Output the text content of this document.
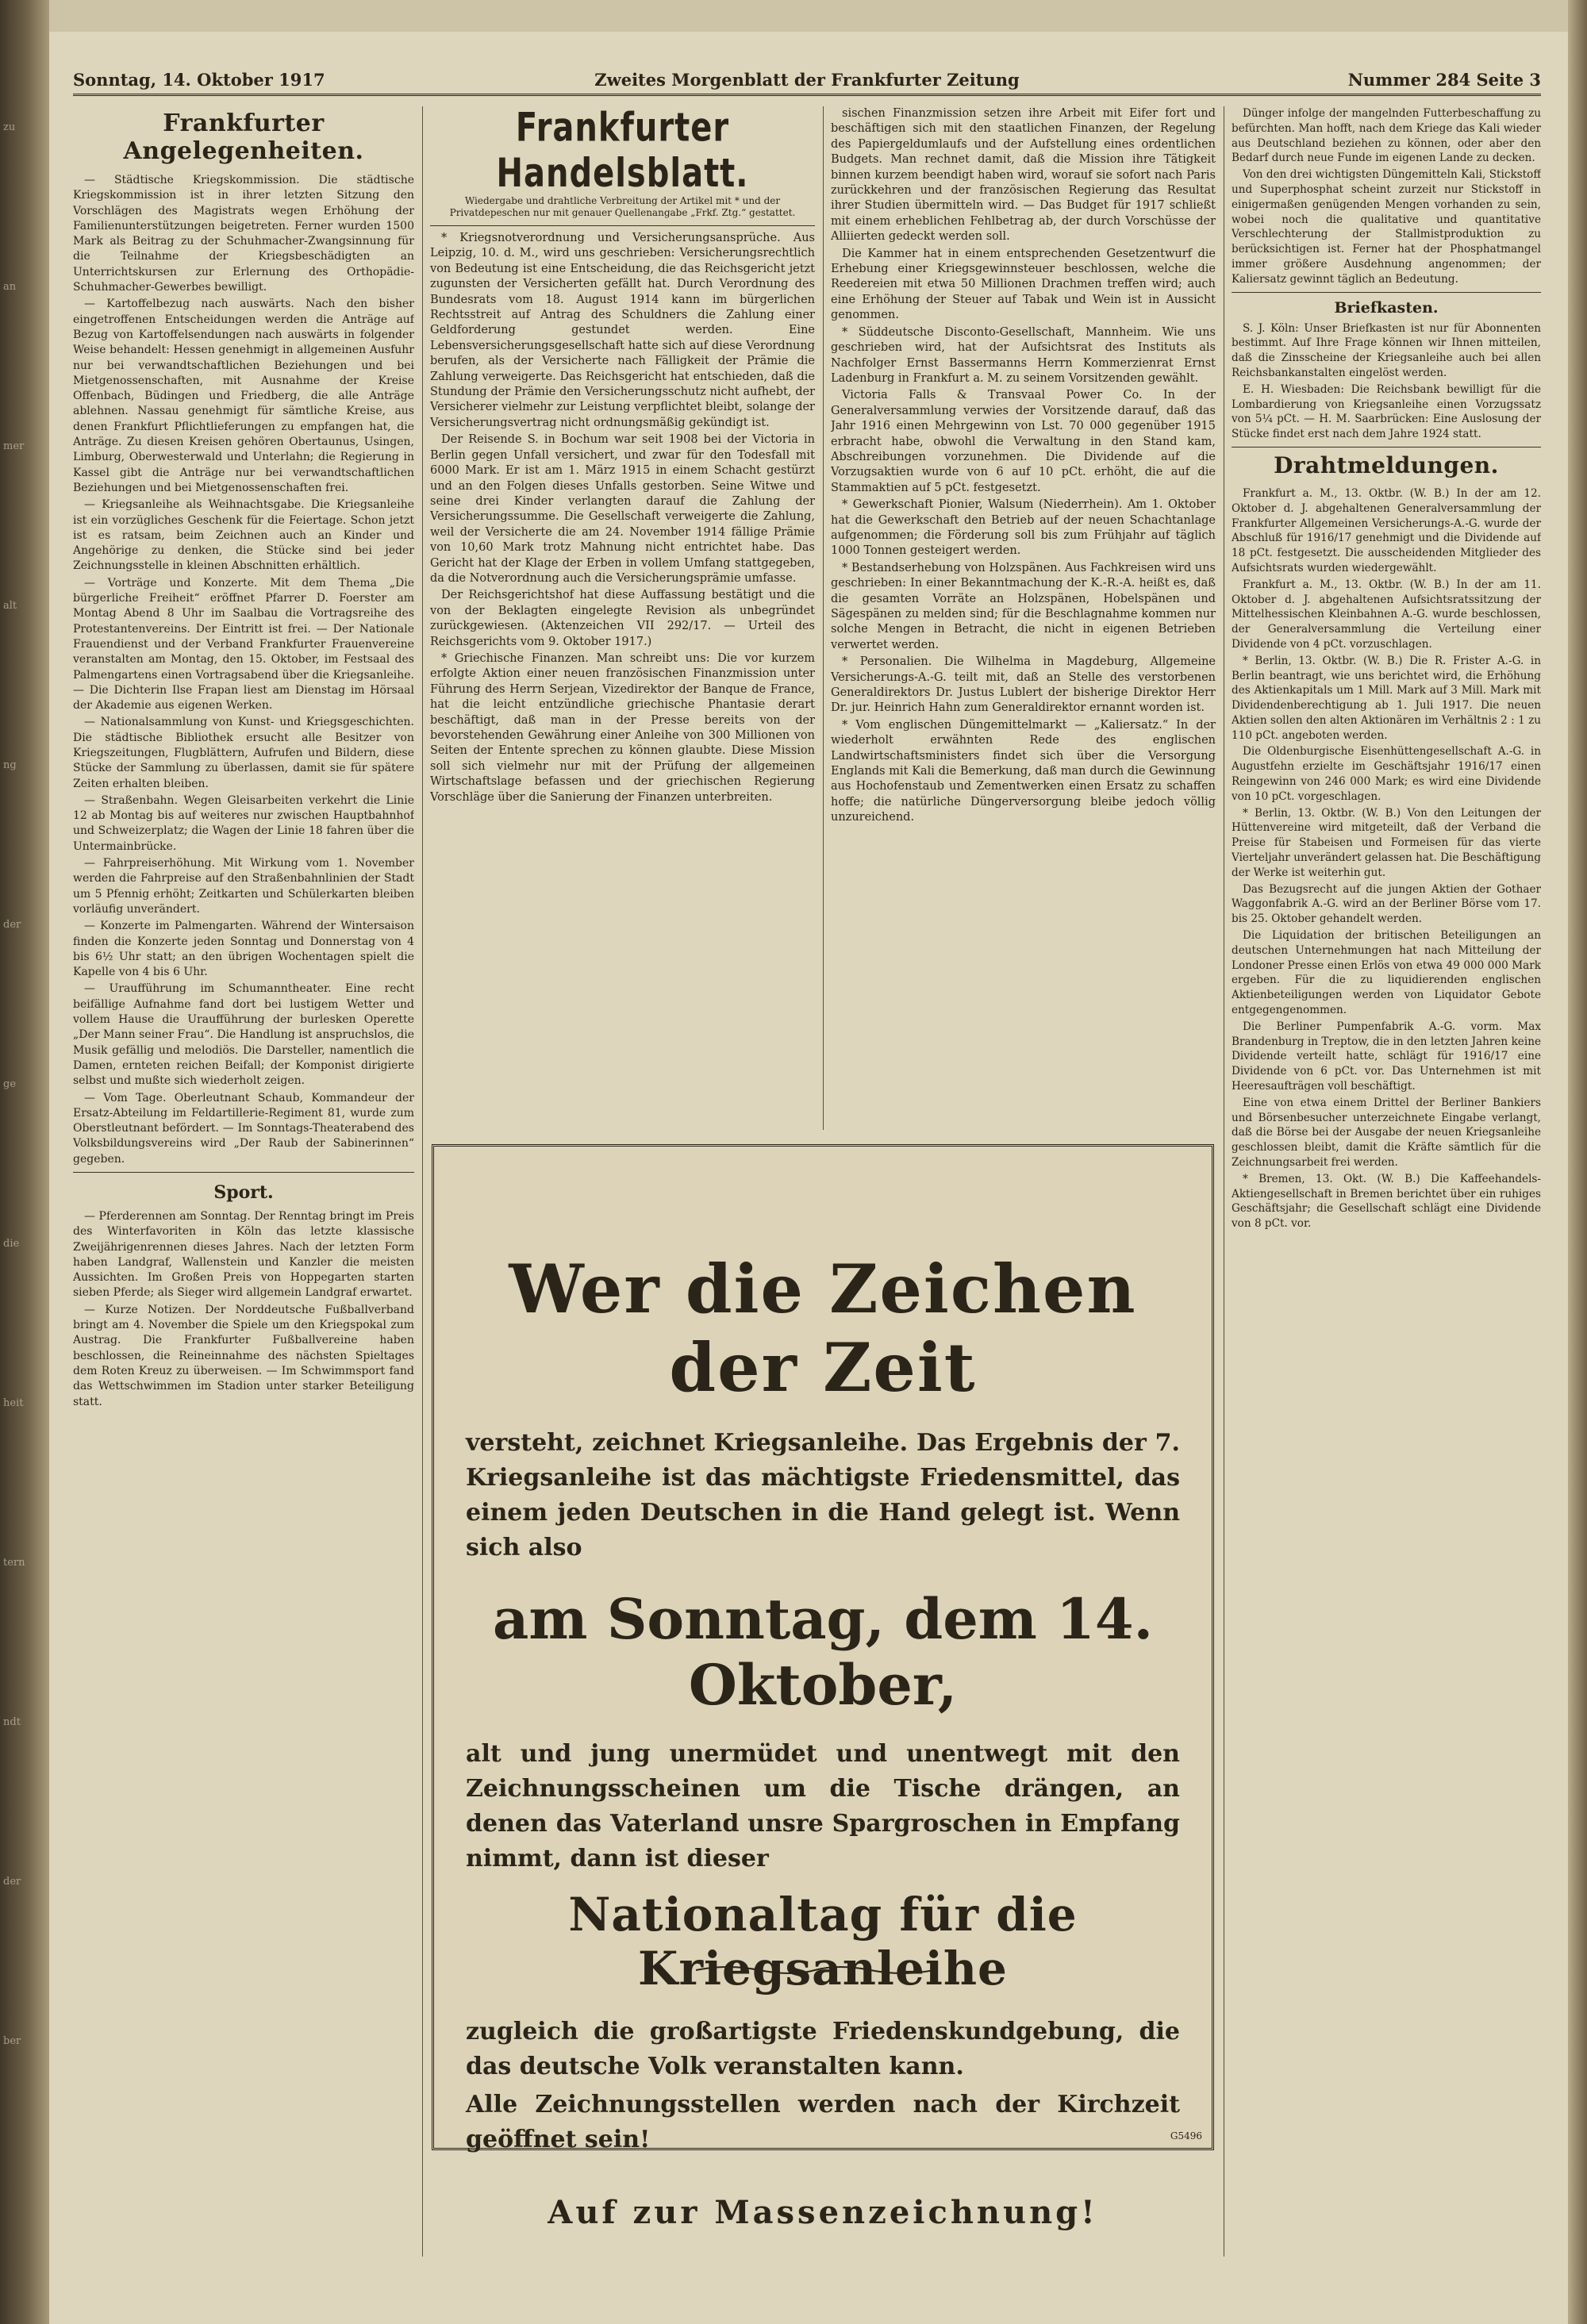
zu
an
mer
alt
ng
der
ge
die
heit
tern
ndt
der
ber
Sonntag, 14. Oktober 1917	Zweites Morgenblatt der Frankfurter Zeitung	Nummer 284 Seite 3
Frankfurter Angelegenheiten.

— Städtische Kriegskommission. Die städtische Kriegskommission ist in ihrer letzten Sitzung den Vorschlägen des Magistrats wegen Erhöhung der Familienunterstützungen beigetreten. Ferner wurden 1500 Mark als Beitrag zu der Schuhmacher-Zwangsinnung für die Teilnahme der Kriegsbeschädigten an Unterrichtskursen zur Erlernung des Orthopädie-Schuhmacher-Gewerbes bewilligt.

— Kartoffelbezug nach auswärts. Nach den bisher eingetroffenen Entscheidungen werden die Anträge auf Bezug von Kartoffelsendungen nach auswärts in folgender Weise behandelt: Hessen genehmigt in allgemeinen Ausfuhr nur bei verwandtschaftlichen Beziehungen und bei Mietgenossenschaften, mit Ausnahme der Kreise Offenbach, Büdingen und Friedberg, die alle Anträge ablehnen. Nassau genehmigt für sämtliche Kreise, aus denen Frankfurt Pflichtlieferungen zu empfangen hat, die Anträge. Zu diesen Kreisen gehören Obertaunus, Usingen, Limburg, Oberwesterwald und Unterlahn; die Regierung in Kassel gibt die Anträge nur bei verwandtschaftlichen Beziehungen und bei Mietgenossenschaften frei.

— Kriegsanleihe als Weihnachtsgabe. Die Kriegsanleihe ist ein vorzügliches Geschenk für die Feiertage. Schon jetzt ist es ratsam, beim Zeichnen auch an Kinder und Angehörige zu denken, die Stücke sind bei jeder Zeichnungsstelle in kleinen Abschnitten erhältlich.

— Vorträge und Konzerte. Mit dem Thema „Die bürgerliche Freiheit“ eröffnet Pfarrer D. Foerster am Montag Abend 8 Uhr im Saalbau die Vortragsreihe des Protestantenvereins. Der Eintritt ist frei. — Der Nationale Frauendienst und der Verband Frankfurter Frauenvereine veranstalten am Montag, den 15. Oktober, im Festsaal des Palmengartens einen Vortragsabend über die Kriegsanleihe. — Die Dichterin Ilse Frapan liest am Dienstag im Hörsaal der Akademie aus eigenen Werken.

— Nationalsammlung von Kunst- und Kriegsgeschichten. Die städtische Bibliothek ersucht alle Besitzer von Kriegszeitungen, Flugblättern, Aufrufen und Bildern, diese Stücke der Sammlung zu überlassen, damit sie für spätere Zeiten erhalten bleiben.

— Straßenbahn. Wegen Gleisarbeiten verkehrt die Linie 12 ab Montag bis auf weiteres nur zwischen Hauptbahnhof und Schweizerplatz; die Wagen der Linie 18 fahren über die Untermainbrücke.

— Fahrpreiserhöhung. Mit Wirkung vom 1. November werden die Fahrpreise auf den Straßenbahnlinien der Stadt um 5 Pfennig erhöht; Zeitkarten und Schülerkarten bleiben vorläufig unverändert.

— Konzerte im Palmengarten. Während der Wintersaison finden die Konzerte jeden Sonntag und Donnerstag von 4 bis 6½ Uhr statt; an den übrigen Wochentagen spielt die Kapelle von 4 bis 6 Uhr.

— Uraufführung im Schumanntheater. Eine recht beifällige Aufnahme fand dort bei lustigem Wetter und vollem Hause die Uraufführung der burlesken Operette „Der Mann seiner Frau“. Die Handlung ist anspruchslos, die Musik gefällig und melodiös. Die Darsteller, namentlich die Damen, ernteten reichen Beifall; der Komponist dirigierte selbst und mußte sich wiederholt zeigen.

— Vom Tage. Oberleutnant Schaub, Kommandeur der Ersatz-Abteilung im Feldartillerie-Regiment 81, wurde zum Oberstleutnant befördert. — Im Sonntags-Theaterabend des Volksbildungsvereins wird „Der Raub der Sabinerinnen“ gegeben.

Sport.

— Pferderennen am Sonntag. Der Renntag bringt im Preis des Winterfavoriten in Köln das letzte klassische Zweijährigenrennen dieses Jahres. Nach der letzten Form haben Landgraf, Wallenstein und Kanzler die meisten Aussichten. Im Großen Preis von Hoppegarten starten sieben Pferde; als Sieger wird allgemein Landgraf erwartet.

— Kurze Notizen. Der Norddeutsche Fußballverband bringt am 4. November die Spiele um den Kriegspokal zum Austrag. Die Frankfurter Fußballvereine haben beschlossen, die Reineinnahme des nächsten Spieltages dem Roten Kreuz zu überweisen. — Im Schwimmsport fand das Wettschwimmen im Stadion unter starker Beteiligung statt.

Frankfurter Handelsblatt.
Wiedergabe und drahtliche Verbreitung der Artikel mit * und der Privatdepeschen nur mit genauer Quellenangabe „Frkf. Ztg.“ gestattet.

* Kriegsnotverordnung und Versicherungsansprüche. Aus Leipzig, 10. d. M., wird uns geschrieben: Versicherungsrechtlich von Bedeutung ist eine Entscheidung, die das Reichsgericht jetzt zugunsten der Versicherten gefällt hat. Durch Verordnung des Bundesrats vom 18. August 1914 kann im bürgerlichen Rechtsstreit auf Antrag des Schuldners die Zahlung einer Geldforderung gestundet werden. Eine Lebensversicherungsgesellschaft hatte sich auf diese Verordnung berufen, als der Versicherte nach Fälligkeit der Prämie die Zahlung verweigerte. Das Reichsgericht hat entschieden, daß die Stundung der Prämie den Versicherungsschutz nicht aufhebt, der Versicherer vielmehr zur Leistung verpflichtet bleibt, solange der Versicherungsvertrag nicht ordnungsmäßig gekündigt ist.

Der Reisende S. in Bochum war seit 1908 bei der Victoria in Berlin gegen Unfall versichert, und zwar für den Todesfall mit 6000 Mark. Er ist am 1. März 1915 in einem Schacht gestürzt und an den Folgen dieses Unfalls gestorben. Seine Witwe und seine drei Kinder verlangten darauf die Zahlung der Versicherungssumme. Die Gesellschaft verweigerte die Zahlung, weil der Versicherte die am 24. November 1914 fällige Prämie von 10,60 Mark trotz Mahnung nicht entrichtet habe. Das Gericht hat der Klage der Erben in vollem Umfang stattgegeben, da die Notverordnung auch die Versicherungsprämie umfasse.

Der Reichsgerichtshof hat diese Auffassung bestätigt und die von der Beklagten eingelegte Revision als unbegründet zurückgewiesen. (Aktenzeichen VII 292/17. — Urteil des Reichsgerichts vom 9. Oktober 1917.)

* Griechische Finanzen. Man schreibt uns: Die vor kurzem erfolgte Aktion einer neuen französischen Finanzmission unter Führung des Herrn Serjean, Vizedirektor der Banque de France, hat die leicht entzündliche griechische Phantasie derart beschäftigt, daß man in der Presse bereits von der bevorstehenden Gewährung einer Anleihe von 300 Millionen von Seiten der Entente sprechen zu können glaubte. Diese Mission soll sich vielmehr nur mit der Prüfung der allgemeinen Wirtschaftslage befassen und der griechischen Regierung Vorschläge über die Sanierung der Finanzen unterbreiten.

sischen Finanzmission setzen ihre Arbeit mit Eifer fort und beschäftigen sich mit den staatlichen Finanzen, der Regelung des Papiergeldumlaufs und der Aufstellung eines ordentlichen Budgets. Man rechnet damit, daß die Mission ihre Tätigkeit binnen kurzem beendigt haben wird, worauf sie sofort nach Paris zurückkehren und der französischen Regierung das Resultat ihrer Studien übermitteln wird. — Das Budget für 1917 schließt mit einem erheblichen Fehlbetrag ab, der durch Vorschüsse der Alliierten gedeckt werden soll.

Die Kammer hat in einem entsprechenden Gesetzentwurf die Erhebung einer Kriegsgewinnsteuer beschlossen, welche die Reedereien mit etwa 50 Millionen Drachmen treffen wird; auch eine Erhöhung der Steuer auf Tabak und Wein ist in Aussicht genommen.

* Süddeutsche Disconto-Gesellschaft, Mannheim. Wie uns geschrieben wird, hat der Aufsichtsrat des Instituts als Nachfolger Ernst Bassermanns Herrn Kommerzienrat Ernst Ladenburg in Frankfurt a. M. zu seinem Vorsitzenden gewählt.

Victoria Falls & Transvaal Power Co. In der Generalversammlung verwies der Vorsitzende darauf, daß das Jahr 1916 einen Mehrgewinn von Lst. 70 000 gegenüber 1915 erbracht habe, obwohl die Verwaltung in den Stand kam, Abschreibungen vorzunehmen. Die Dividende auf die Vorzugsaktien wurde von 6 auf 10 pCt. erhöht, die auf die Stammaktien auf 5 pCt. festgesetzt.

* Gewerkschaft Pionier, Walsum (Niederrhein). Am 1. Oktober hat die Gewerkschaft den Betrieb auf der neuen Schachtanlage aufgenommen; die Förderung soll bis zum Frühjahr auf täglich 1000 Tonnen gesteigert werden.

* Bestandserhebung von Holzspänen. Aus Fachkreisen wird uns geschrieben: In einer Bekanntmachung der K.-R.-A. heißt es, daß die gesamten Vorräte an Holzspänen, Hobelspänen und Sägespänen zu melden sind; für die Beschlagnahme kommen nur solche Mengen in Betracht, die nicht in eigenen Betrieben verwertet werden.

* Personalien. Die Wilhelma in Magdeburg, Allgemeine Versicherungs-A.-G. teilt mit, daß an Stelle des verstorbenen Generaldirektors Dr. Justus Lublert der bisherige Direktor Herr Dr. jur. Heinrich Hahn zum Generaldirektor ernannt worden ist.

* Vom englischen Düngemittelmarkt — „Kaliersatz.“ In der wiederholt erwähnten Rede des englischen Landwirtschaftsministers findet sich über die Versorgung Englands mit Kali die Bemerkung, daß man durch die Gewinnung aus Hochofenstaub und Zementwerken einen Ersatz zu schaffen hoffe; die natürliche Düngerversorgung bleibe jedoch völlig unzureichend.

Dünger infolge der mangelnden Futterbeschaffung zu befürchten. Man hofft, nach dem Kriege das Kali wieder aus Deutschland beziehen zu können, oder aber den Bedarf durch neue Funde im eigenen Lande zu decken.

Von den drei wichtigsten Düngemitteln Kali, Stickstoff und Superphosphat scheint zurzeit nur Stickstoff in einigermaßen genügenden Mengen vorhanden zu sein, wobei noch die qualitative und quantitative Verschlechterung der Stallmistproduktion zu berücksichtigen ist. Ferner hat der Phosphatmangel immer größere Ausdehnung angenommen; der Kaliersatz gewinnt täglich an Bedeutung.

Briefkasten.

S. J. Köln: Unser Briefkasten ist nur für Abonnenten bestimmt. Auf Ihre Frage können wir Ihnen mitteilen, daß die Zinsscheine der Kriegsanleihe auch bei allen Reichsbankanstalten eingelöst werden.

E. H. Wiesbaden: Die Reichsbank bewilligt für die Lombardierung von Kriegsanleihe einen Vorzugssatz von 5¼ pCt. — H. M. Saarbrücken: Eine Auslosung der Stücke findet erst nach dem Jahre 1924 statt.

Drahtmeldungen.

Frankfurt a. M., 13. Oktbr. (W. B.) In der am 12. Oktober d. J. abgehaltenen Generalversammlung der Frankfurter Allgemeinen Versicherungs-A.-G. wurde der Abschluß für 1916/17 genehmigt und die Dividende auf 18 pCt. festgesetzt. Die ausscheidenden Mitglieder des Aufsichtsrats wurden wiedergewählt.

Frankfurt a. M., 13. Oktbr. (W. B.) In der am 11. Oktober d. J. abgehaltenen Aufsichtsratssitzung der Mittelhessischen Kleinbahnen A.-G. wurde beschlossen, der Generalversammlung die Verteilung einer Dividende von 4 pCt. vorzuschlagen.

* Berlin, 13. Oktbr. (W. B.) Die R. Frister A.-G. in Berlin beantragt, wie uns berichtet wird, die Erhöhung des Aktienkapitals um 1 Mill. Mark auf 3 Mill. Mark mit Dividendenberechtigung ab 1. Juli 1917. Die neuen Aktien sollen den alten Aktionären im Verhältnis 2 : 1 zu 110 pCt. angeboten werden.

Die Oldenburgische Eisenhüttengesellschaft A.-G. in Augustfehn erzielte im Geschäftsjahr 1916/17 einen Reingewinn von 246 000 Mark; es wird eine Dividende von 10 pCt. vorgeschlagen.

* Berlin, 13. Oktbr. (W. B.) Von den Leitungen der Hüttenvereine wird mitgeteilt, daß der Verband die Preise für Stabeisen und Formeisen für das vierte Vierteljahr unverändert gelassen hat. Die Beschäftigung der Werke ist weiterhin gut.

Das Bezugsrecht auf die jungen Aktien der Gothaer Waggonfabrik A.-G. wird an der Berliner Börse vom 17. bis 25. Oktober gehandelt werden.

Die Liquidation der britischen Beteiligungen an deutschen Unternehmungen hat nach Mitteilung der Londoner Presse einen Erlös von etwa 49 000 000 Mark ergeben. Für die zu liquidierenden englischen Aktienbeteiligungen werden von Liquidator Gebote entgegengenommen.

Die Berliner Pumpenfabrik A.-G. vorm. Max Brandenburg in Treptow, die in den letzten Jahren keine Dividende verteilt hatte, schlägt für 1916/17 eine Dividende von 6 pCt. vor. Das Unternehmen ist mit Heeresaufträgen voll beschäftigt.

Eine von etwa einem Drittel der Berliner Bankiers und Börsenbesucher unterzeichnete Eingabe verlangt, daß die Börse bei der Ausgabe der neuen Kriegsanleihe geschlossen bleibt, damit die Kräfte sämtlich für die Zeichnungsarbeit frei werden.

* Bremen, 13. Okt. (W. B.) Die Kaffeehandels-Aktiengesellschaft in Bremen berichtet über ein ruhiges Geschäftsjahr; die Gesellschaft schlägt eine Dividende von 8 pCt. vor.

Wer die Zeichen der Zeit
versteht, zeichnet Kriegsanleihe. Das Ergebnis der 7. Kriegsanleihe ist das mächtigste Friedensmittel, das einem jeden Deutschen in die Hand gelegt ist. Wenn sich also
am Sonntag, dem 14. Oktober,
alt und jung unermüdet und unentwegt mit den Zeichnungsscheinen um die Tische drängen, an denen das Vaterland unsre Spargroschen in Empfang nimmt, dann ist dieser
Nationaltag für die Kriegsanleihe
zugleich die großartigste Friedenskundgebung, die das deutsche Volk veranstalten kann.
Alle Zeichnungsstellen werden nach der Kirchzeit geöffnet sein!
Auf zur Massenzeichnung!
G5496
